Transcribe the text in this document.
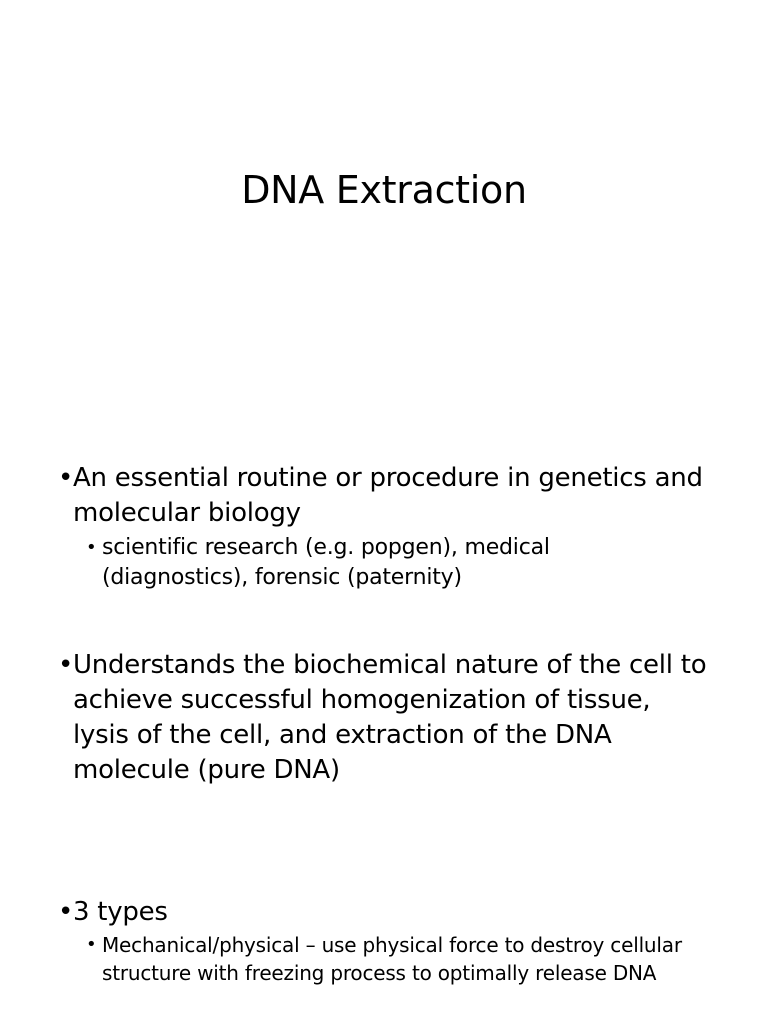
DNA Extraction
• An essential routine or procedure in genetics and molecular biology
• scientific research (e.g. popgen), medical (diagnostics), forensic (paternity)
• Understands the biochemical nature of the cell to achieve successful homogenization of tissue, lysis of the cell, and extraction of the DNA molecule (pure DNA)
• 3 types
• Mechanical/physical – use physical force to destroy cellular structure with freezing process to optimally release DNA
